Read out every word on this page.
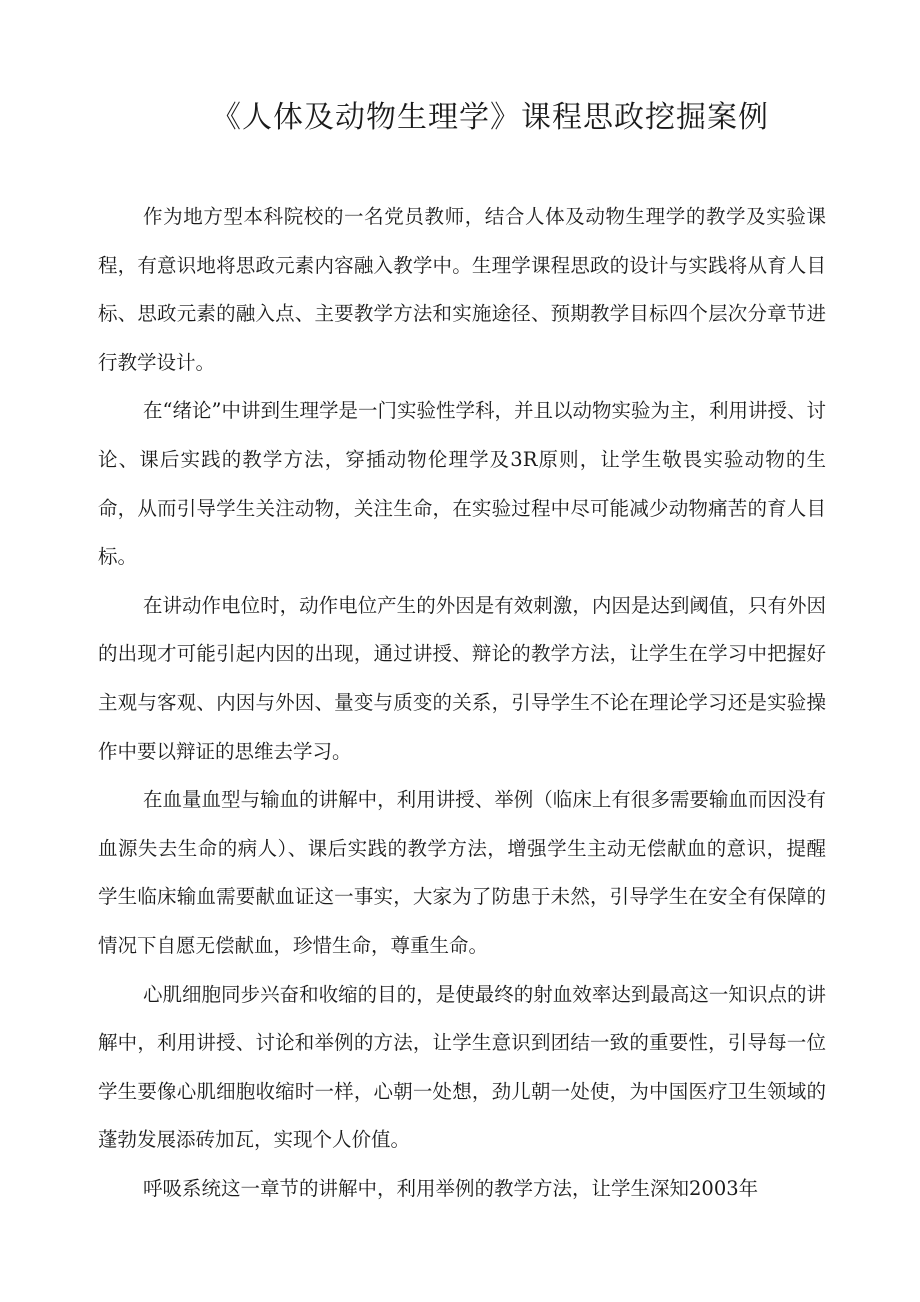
《人体及动物生理学》课程思政挖掘案例

作为地方型本科院校的一名党员教师，结合人体及动物生理学的教学及实验课程，有意识地将思政元素内容融入教学中。生理学课程思政的设计与实践将从育人目标、思政元素的融入点、主要教学方法和实施途径、预期教学目标四个层次分章节进行教学设计。

在“绪论”中讲到生理学是一门实验性学科，并且以动物实验为主，利用讲授、讨论、课后实践的教学方法，穿插动物伦理学及3R原则，让学生敬畏实验动物的生命，从而引导学生关注动物，关注生命，在实验过程中尽可能减少动物痛苦的育人目标。

在讲动作电位时，动作电位产生的外因是有效刺激，内因是达到阈值，只有外因的出现才可能引起内因的出现，通过讲授、辩论的教学方法，让学生在学习中把握好主观与客观、内因与外因、量变与质变的关系，引导学生不论在理论学习还是实验操作中要以辩证的思维去学习。

在血量血型与输血的讲解中，利用讲授、举例（临床上有很多需要输血而因没有血源失去生命的病人）、课后实践的教学方法，增强学生主动无偿献血的意识，提醒学生临床输血需要献血证这一事实，大家为了防患于未然，引导学生在安全有保障的情况下自愿无偿献血，珍惜生命，尊重生命。

心肌细胞同步兴奋和收缩的目的，是使最终的射血效率达到最高这一知识点的讲解中，利用讲授、讨论和举例的方法，让学生意识到团结一致的重要性，引导每一位学生要像心肌细胞收缩时一样，心朝一处想，劲儿朝一处使，为中国医疗卫生领域的蓬勃发展添砖加瓦，实现个人价值。

呼吸系统这一章节的讲解中，利用举例的教学方法，让学生深知2003年
